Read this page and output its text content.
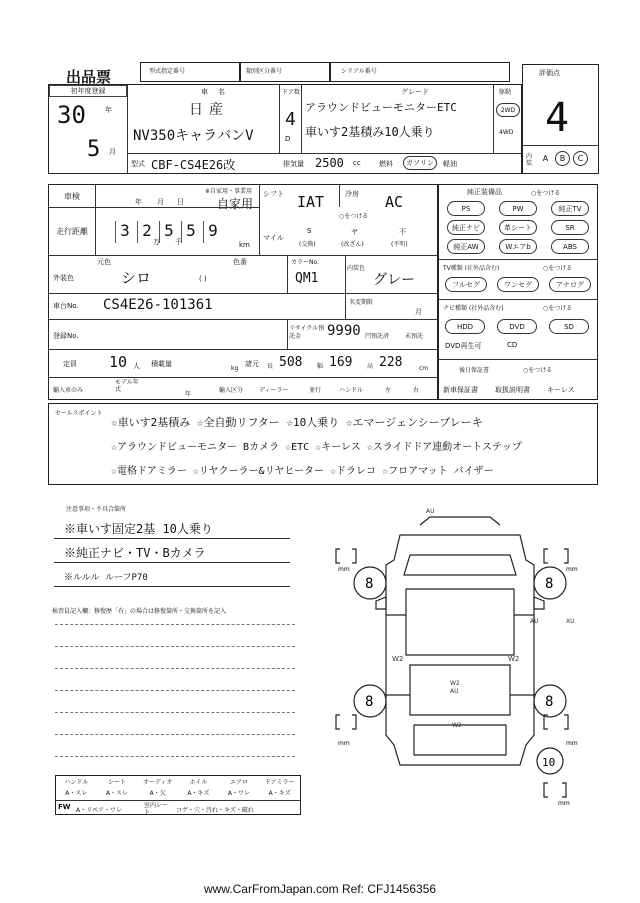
出品票	型式指定番号	類別区分番号	シリアル番号	評価点
4
内装
A	B	C
初年度登録
30	年
5 月
車名
日産
NV350キャラバンV
ドア数
4
D
グレード
アラウンドビューモニターETC
車いす2基積み10人乗り
駆動
2WD
4WD
型式 CBF-CS4E26改	排気量 2500 cc	燃料	ガソリン	軽油
車検
年 月 日
※自家用・事業用
自家用
シフト IAT	冷房 AC
走行距離	3 2 5 5 9
万 千	km
○をつける
マイル
S
(交換)
ヤ
(改ざん)
不
(不明)
元色
外装色
色番
シロ	( )
カラーNo.
QM1
内装色
グレー
車台No. CS4E26-101361	名変期限
月
登録No.
リサイクル預託金	9990 円預託済	未預託
定員 10 人 積載量
kg
諸元 長 508 幅 169 高 228	cm
輸入車のみ
モデル年式
年
輸入区分	ディーラー	並行	ハンドル	左	右
純正装備品	○をつける
PS	PW	純正TV
純正ナビ	革シート	SR
純正AW	Wエアb	ABS
TV種類 (社外品含む)	○をつける
フルセグ	ワンセグ	アナログ
ナビ種類 (社外品含む)	○をつける
HDD	DVD	SD
DVD再生可	CD
後日保証書	○をつける
新車保証書 取扱説明書 キーレス
セールスポイント
☆車いす2基積み ☆全自動リフター ☆10人乗り ☆エマージェンシーブレーキ
☆アラウンドビューモニター Bカメラ ☆ETC ☆キーレス ☆スライドドア連動オートステップ
☆電格ドアミラー ☆リヤクーラー&リヤヒーター ☆ドラレコ ☆フロアマット バイザー
注意事項・不具合箇所
※車いす固定2基 10人乗り
※純正ナビ・TV・Bカメラ
※ルルル ルーフP70
検査員記入欄：修復歴「有」の場合は修復箇所・交換箇所を記入
8	8
8	8
10
mm	mm
mm	mm
mm
AU
W2	W2
W2
AU
W2
XU
AU
ハンドル	シート	オーディオ	ホイル	エアロ	ドアミラー
A・スレ	A・スレ	A・欠	A・キズ	A・ワレ	A・キズ
FW A・リペア・ワレ
室内シート	コゲ・穴・汚れ・キズ・破れ
www.CarFromJapan.com Ref: CFJ1456356
